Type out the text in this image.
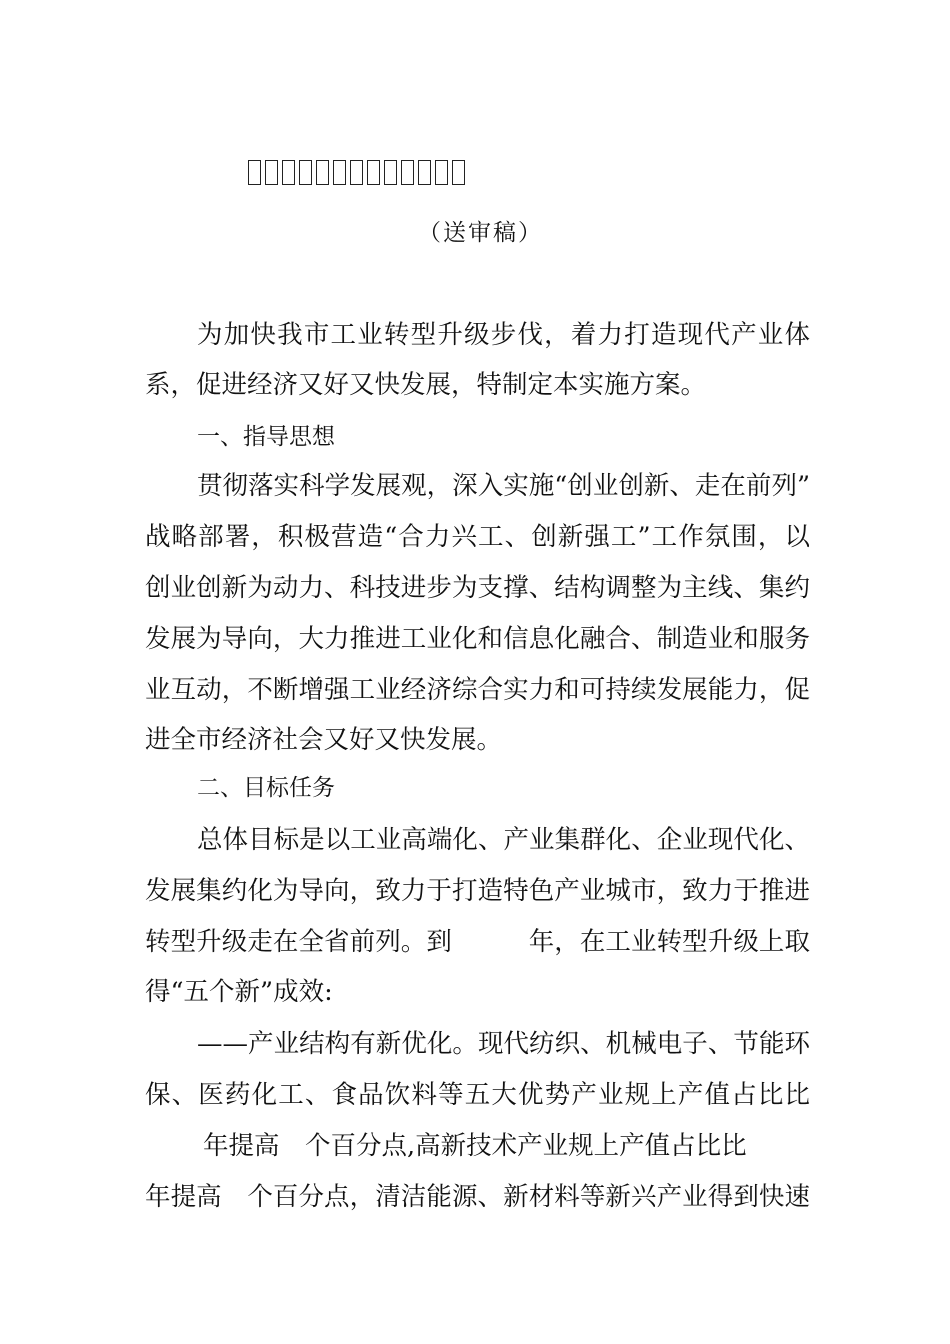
（送审稿）
为加快我市工业转型升级步伐，着力打造现代产业体
系，促进经济又好又快发展，特制定本实施方案。
一、指导思想
贯彻落实科学发展观，深入实施“创业创新、走在前列”
战略部署，积极营造“合力兴工、创新强工”工作氛围，以
创业创新为动力、科技进步为支撑、结构调整为主线、集约
发展为导向，大力推进工业化和信息化融合、制造业和服务
业互动，不断增强工业经济综合实力和可持续发展能力，促
进全市经济社会又好又快发展。
二、目标任务
总体目标是以工业高端化、产业集群化、企业现代化、
发展集约化为导向，致力于打造特色产业城市，致力于推进
转型升级走在全省前列。到　　　年，在工业转型升级上取
得“五个新”成效:
——产业结构有新优化。现代纺织、机械电子、节能环
保、医药化工、食品饮料等五大优势产业规上产值占比比
年提高　个百分点,高新技术产业规上产值占比比
年提高　个百分点，清洁能源、新材料等新兴产业得到快速
